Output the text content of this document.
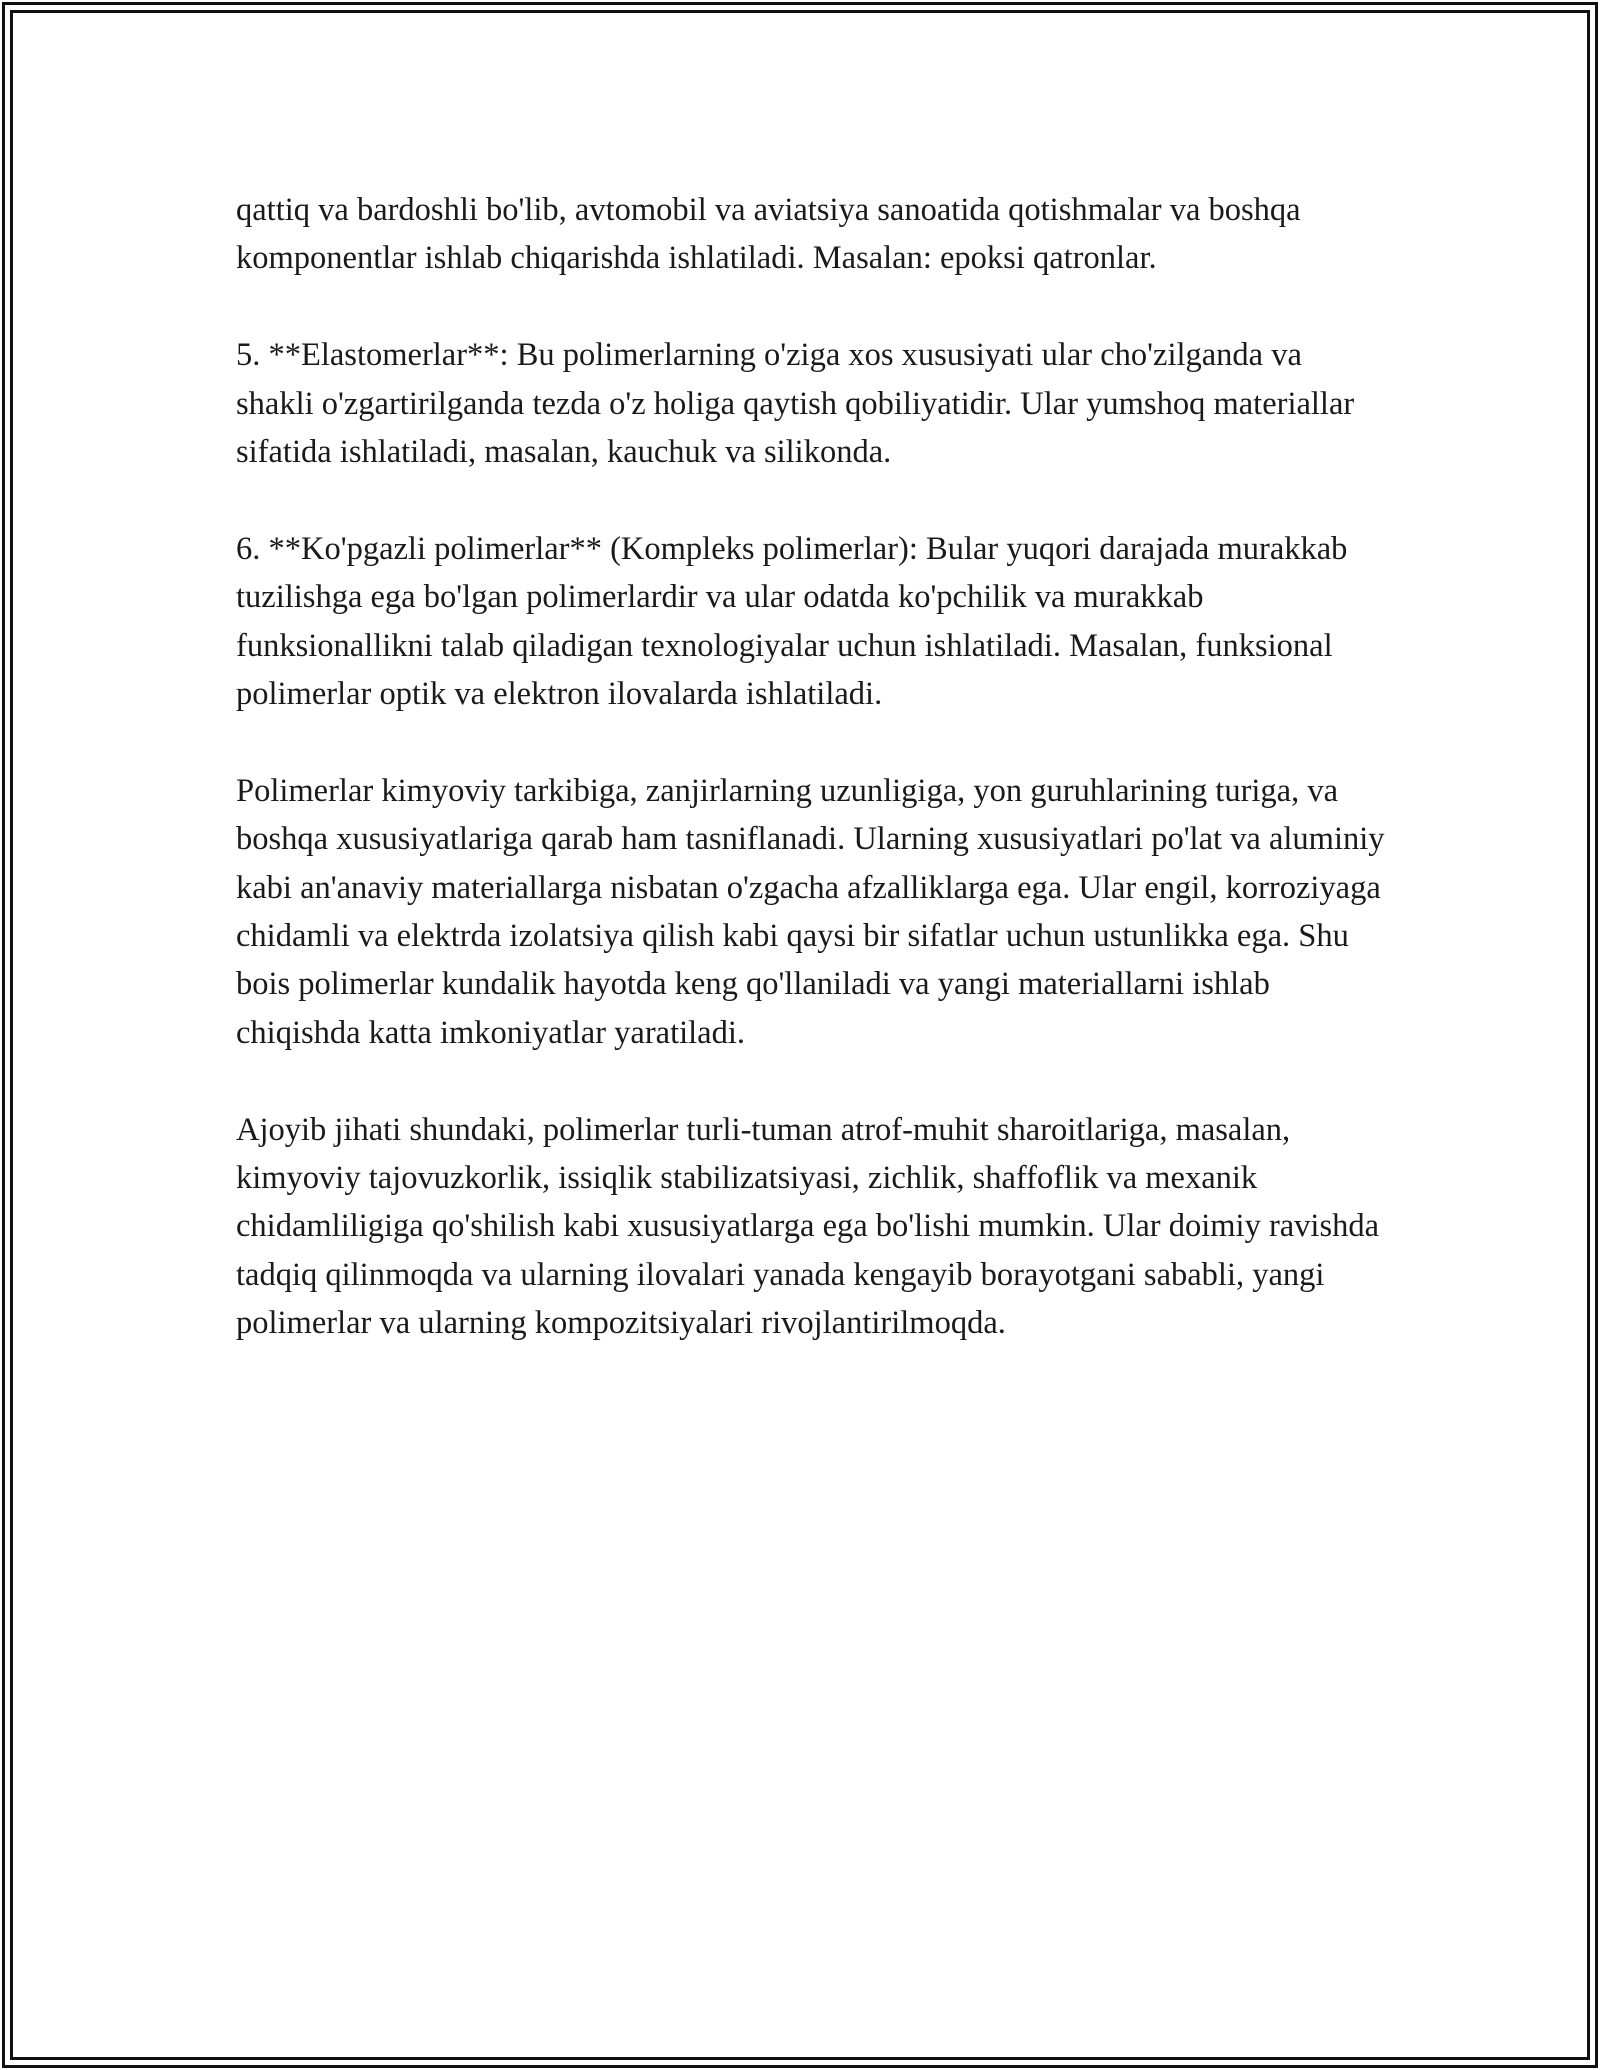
qattiq va bardoshli bo'lib, avtomobil va aviatsiya sanoatida qotishmalar va boshqa komponentlar ishlab chiqarishda ishlatiladi. Masalan: epoksi qatronlar.

5. **Elastomerlar**: Bu polimerlarning o'ziga xos xususiyati ular cho'zilganda va shakli o'zgartirilganda tezda o'z holiga qaytish qobiliyatidir. Ular yumshoq materiallar sifatida ishlatiladi, masalan, kauchuk va silikonda.

6. **Ko'pgazli polimerlar** (Kompleks polimerlar): Bular yuqori darajada murakkab tuzilishga ega bo'lgan polimerlardir va ular odatda ko'pchilik va murakkab funksionallikni talab qiladigan texnologiyalar uchun ishlatiladi. Masalan, funksional polimerlar optik va elektron ilovalarda ishlatiladi.

Polimerlar kimyoviy tarkibiga, zanjirlarning uzunligiga, yon guruhlarining turiga, va boshqa xususiyatlariga qarab ham tasniflanadi. Ularning xususiyatlari po'lat va aluminiy kabi an'anaviy materiallarga nisbatan o'zgacha afzalliklarga ega. Ular engil, korroziyaga chidamli va elektrda izolatsiya qilish kabi qaysi bir sifatlar uchun ustunlikka ega. Shu bois polimerlar kundalik hayotda keng qo'llaniladi va yangi materiallarni ishlab chiqishda katta imkoniyatlar yaratiladi.

Ajoyib jihati shundaki, polimerlar turli-tuman atrof-muhit sharoitlariga, masalan, kimyoviy tajovuzkorlik, issiqlik stabilizatsiyasi, zichlik, shaffoflik va mexanik chidamliligiga qo'shilish kabi xususiyatlarga ega bo'lishi mumkin. Ular doimiy ravishda tadqiq qilinmoqda va ularning ilovalari yanada kengayib borayotgani sababli, yangi polimerlar va ularning kompozitsiyalari rivojlantirilmoqda.
